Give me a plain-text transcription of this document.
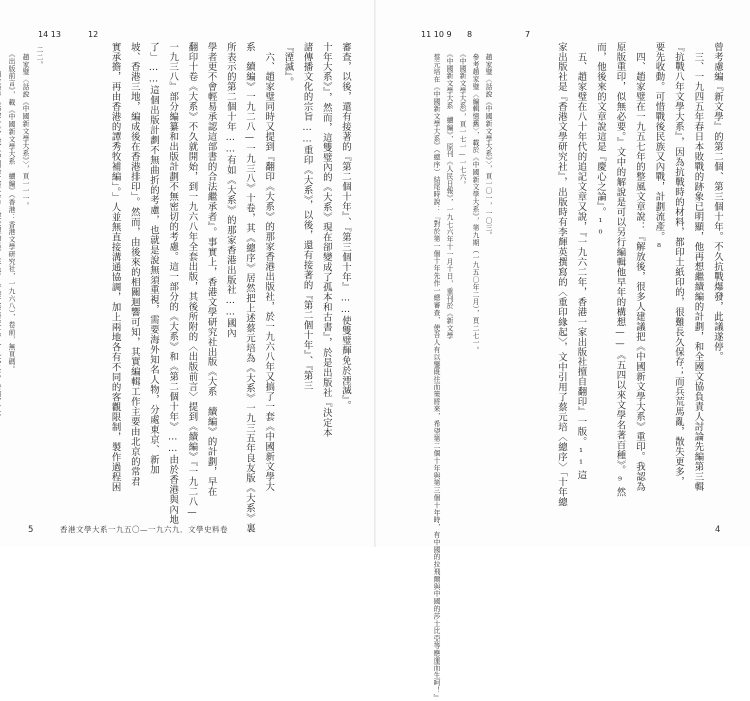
二二。
　趙家璧〈話說《中國新文學大系》〉，頁一一一。
　《出版前言》，載《中國新文學大系　續編》（香港：香港文學研究社，一九六八），卷前，無頁碼。	審查，以後，還有接著的『第二個十年』、『第三個十年』……使雙璧輝免於湮滅』。
十年大系》』，然而，這雙璧內的《大系》現在卻變成了孤本和古書』，於是出版社『決定本
諸傳播文化的宗旨……重印《大系》，以後，還有接著的『第二個十年』、『第三
『湮滅』。
　六、趙家璧同時又提到『翻印《大系》的那家香港出版社，於一九六八年又搞了一套《中國新文學大
系　續編》一九二八—一九三八》十卷，其《總序》居然把上述蔡元培為《大系》一九三五年良友版《大系》裏
所表示的第二個十年……有如《大系》的那家香港出版社……國內
學者更不會輕易承認這部書的合法繼承者』。事實上，香港文學研究社出版《大系　續編》的計劃，早在
翻印十卷《大系》不久就開始，到一九六八年全套出版，其後所附的〈出版前言〉提到《續編》『一九二八—
一九三八』部分編纂和出版計劃不無密切的考慮。這一部分的《大系》和《第二個十年》……由於香港與內地
了」……這個出版計劃不無曲折的考慮，也就是說無須重視，需要海外知名人物，分處東京、新加
坡、香港三地，編成後在香港排印」。然而，由後來的相關迴響可知，其實編輯工作主要由北京的常君
實承擔，再由香港的譚秀牧補編」。」人並無直接溝通協調，加上兩地各有不同的客觀限制，製作過程困
14 13	12
5	香港文學大系一九五〇—一九六九．文學史料卷
　趙家璧〈話說《中國新文學大系》〉，頁一〇一，一〇三。
　參考趙家璧〈編輯憶舊〉，載於《中國新文學大系》，第九期（一九五〇年二月），頁二七一。
　《中國新文學大系》，頁一七一—一七六。
　《中國新文學大系　續編》，原刊《人民日報》，一九七六年十一月十日，重刊於《新文學
　蔡元培在《中國新文學大系》（總序）結尾時說：『對於第一個十年先作一總審查，使吾人有以鑒既往而策將來，希望第二個十年與第三個十年時，有中國的拉飛爾與中國的莎士比亞等應運而生呵！』	曾考慮編『新文學』的第二個、第三個十年。不久抗戰爆發，此議遂停。
　三、一九四五年春日本敗戰的跡象已明顯，他再想繼續編的計劃，和全國文協負責人討論先編第三輯
『抗戰八年文學大系』，因為抗戰時的材料，都印土紙印的，很難長久保存；而兵荒馬亂，散失更多，
要先收動。可惜戰後民族又內戰，計劃流產。⁸
　四、趙家璧在一九五七年的整風文章說：『解放後，很多人建議把《中國新文學大系》重印。我認為
原版重印，似無必要。』文中的解說是可以另行編輯他早年的構想——《五四以來文學名著百種》。⁹然
而，他後來的文章說這是『慶心之論』。¹⁰
　五、趙家璧在八十年代的追記文章又說，『一九六二年，香港一家出版社擅自翻印』一版。¹¹這
家出版社是『香港文學研究社』，出版時有李輝英撰寫的〈重印緣起〉，文中引用了蔡元培〈總序〉「十年總
11 10 9 8	7
4
